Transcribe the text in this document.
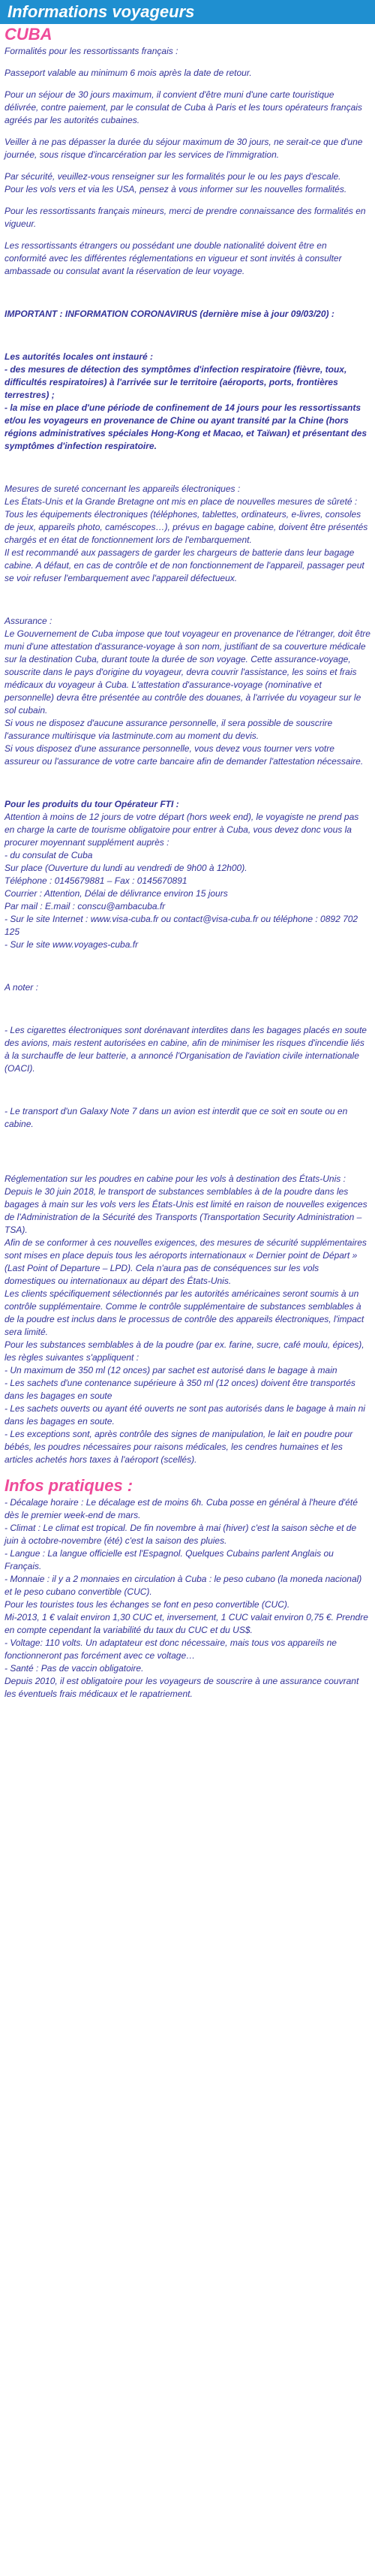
Informations voyageurs
CUBA

Formalités pour les ressortissants français :

Passeport valable au minimum 6 mois après la date de retour.

Pour un séjour de 30 jours maximum, il convient d'être muni d'une carte touristique délivrée, contre paiement, par le consulat de Cuba à Paris et les tours opérateurs français agréés par les autorités cubaines.

Veiller à ne pas dépasser la durée du séjour maximum de 30 jours, ne serait-ce que d'une journée, sous risque d'incarcération par les services de l'immigration.

Par sécurité, veuillez-vous renseigner sur les formalités pour le ou les pays d'escale.
Pour les vols vers et via les USA, pensez à vous informer sur les nouvelles formalités.

Pour les ressortissants français mineurs, merci de prendre connaissance des formalités en vigueur.

Les ressortissants étrangers ou possédant une double nationalité doivent être en conformité avec les différentes réglementations en vigueur et sont invités à consulter ambassade ou consulat avant la réservation de leur voyage.

IMPORTANT : INFORMATION CORONAVIRUS (dernière mise à jour 09/03/20) :

Les autorités locales ont instauré :
- des mesures de détection des symptômes d'infection respiratoire (fièvre, toux, difficultés respiratoires) à l'arrivée sur le territoire (aéroports, ports, frontières terrestres) ;
- la mise en place d'une période de confinement de 14 jours pour les ressortissants et/ou les voyageurs en provenance de Chine ou ayant transité par la Chine (hors régions administratives spéciales Hong-Kong et Macao, et Taïwan) et présentant des symptômes d'infection respiratoire.

Mesures de sureté concernant les appareils électroniques :
Les États-Unis et la Grande Bretagne ont mis en place de nouvelles mesures de sûreté : Tous les équipements électroniques (téléphones, tablettes, ordinateurs, e-livres, consoles de jeux, appareils photo, caméscopes…), prévus en bagage cabine, doivent être présentés chargés et en état de fonctionnement lors de l'embarquement.
Il est recommandé aux passagers de garder les chargeurs de batterie dans leur bagage cabine. A défaut, en cas de contrôle et de non fonctionnement de l'appareil, passager peut se voir refuser l'embarquement avec l'appareil défectueux.

Assurance :
Le Gouvernement de Cuba impose que tout voyageur en provenance de l'étranger, doit être muni d'une attestation d'assurance-voyage à son nom, justifiant de sa couverture médicale sur la destination Cuba, durant toute la durée de son voyage. Cette assurance-voyage, souscrite dans le pays d'origine du voyageur, devra couvrir l'assistance, les soins et frais médicaux du voyageur à Cuba. L'attestation d'assurance-voyage (nominative et personnelle) devra être présentée au contrôle des douanes, à l'arrivée du voyageur sur le sol cubain.
Si vous ne disposez d'aucune assurance personnelle, il sera possible de souscrire l'assurance multirisque via lastminute.com au moment du devis.
Si vous disposez d'une assurance personnelle, vous devez vous tourner vers votre assureur ou l'assurance de votre carte bancaire afin de demander l'attestation nécessaire.

Pour les produits du tour Opérateur FTI :
Attention à moins de 12 jours de votre départ (hors week end), le voyagiste ne prend pas en charge la carte de tourisme obligatoire pour entrer à Cuba, vous devez donc vous la procurer moyennant supplément auprès :
- du consulat de Cuba
Sur place (Ouverture du lundi au vendredi de 9h00 à 12h00).
Téléphone : 0145679881 – Fax : 0145670891
Courrier : Attention, Délai de délivrance environ 15 jours
Par mail : E.mail : conscu@ambacuba.fr
- Sur le site Internet : www.visa-cuba.fr ou contact@visa-cuba.fr ou téléphone : 0892 702 125
- Sur le site www.voyages-cuba.fr

A noter :

- Les cigarettes électroniques sont dorénavant interdites dans les bagages placés en soute des avions, mais restent autorisées en cabine, afin de minimiser les risques d'incendie liés à la surchauffe de leur batterie, a annoncé l'Organisation de l'aviation civile internationale (OACI).

- Le transport d'un Galaxy Note 7 dans un avion est interdit que ce soit en soute ou en cabine.

Réglementation sur les poudres en cabine pour les vols à destination des États-Unis :
Depuis le 30 juin 2018, le transport de substances semblables à de la poudre dans les bagages à main sur les vols vers les États-Unis est limité en raison de nouvelles exigences de l'Administration de la Sécurité des Transports (Transportation Security Administration – TSA).
Afin de se conformer à ces nouvelles exigences, des mesures de sécurité supplémentaires sont mises en place depuis tous les aéroports internationaux « Dernier point de Départ » (Last Point of Departure – LPD). Cela n'aura pas de conséquences sur les vols domestiques ou internationaux au départ des États-Unis.
Les clients spécifiquement sélectionnés par les autorités américaines seront soumis à un contrôle supplémentaire. Comme le contrôle supplémentaire de substances semblables à de la poudre est inclus dans le processus de contrôle des appareils électroniques, l'impact sera limité.
Pour les substances semblables à de la poudre (par ex. farine, sucre, café moulu, épices), les règles suivantes s'appliquent :
- Un maximum de 350 ml (12 onces) par sachet est autorisé dans le bagage à main
- Les sachets d'une contenance supérieure à 350 ml (12 onces) doivent être transportés dans les bagages en soute
- Les sachets ouverts ou ayant été ouverts ne sont pas autorisés dans le bagage à main ni dans les bagages en soute.
- Les exceptions sont, après contrôle des signes de manipulation, le lait en poudre pour bébés, les poudres nécessaires pour raisons médicales, les cendres humaines et les articles achetés hors taxes à l'aéroport (scellés).

Infos pratiques :

- Décalage horaire : Le décalage est de moins 6h. Cuba posse en général à l'heure d'été dès le premier week-end de mars.
- Climat : Le climat est tropical. De fin novembre à mai (hiver) c'est la saison sèche et de juin à octobre-novembre (été) c'est la saison des pluies.
- Langue : La langue officielle est l'Espagnol. Quelques Cubains parlent Anglais ou Français.
- Monnaie : il y a 2 monnaies en circulation à Cuba : le peso cubano (la moneda nacional) et le peso cubano convertible (CUC).
Pour les touristes tous les échanges se font en peso convertible (CUC).
Mi-2013, 1 € valait environ 1,30 CUC et, inversement, 1 CUC valait environ 0,75 €. Prendre en compte cependant la variabilité du taux du CUC et du US$.
- Voltage: 110 volts. Un adaptateur est donc nécessaire, mais tous vos appareils ne fonctionneront pas forcément avec ce voltage…
- Santé : Pas de vaccin obligatoire.
Depuis 2010, il est obligatoire pour les voyageurs de souscrire à une assurance couvrant les éventuels frais médicaux et le rapatriement.
